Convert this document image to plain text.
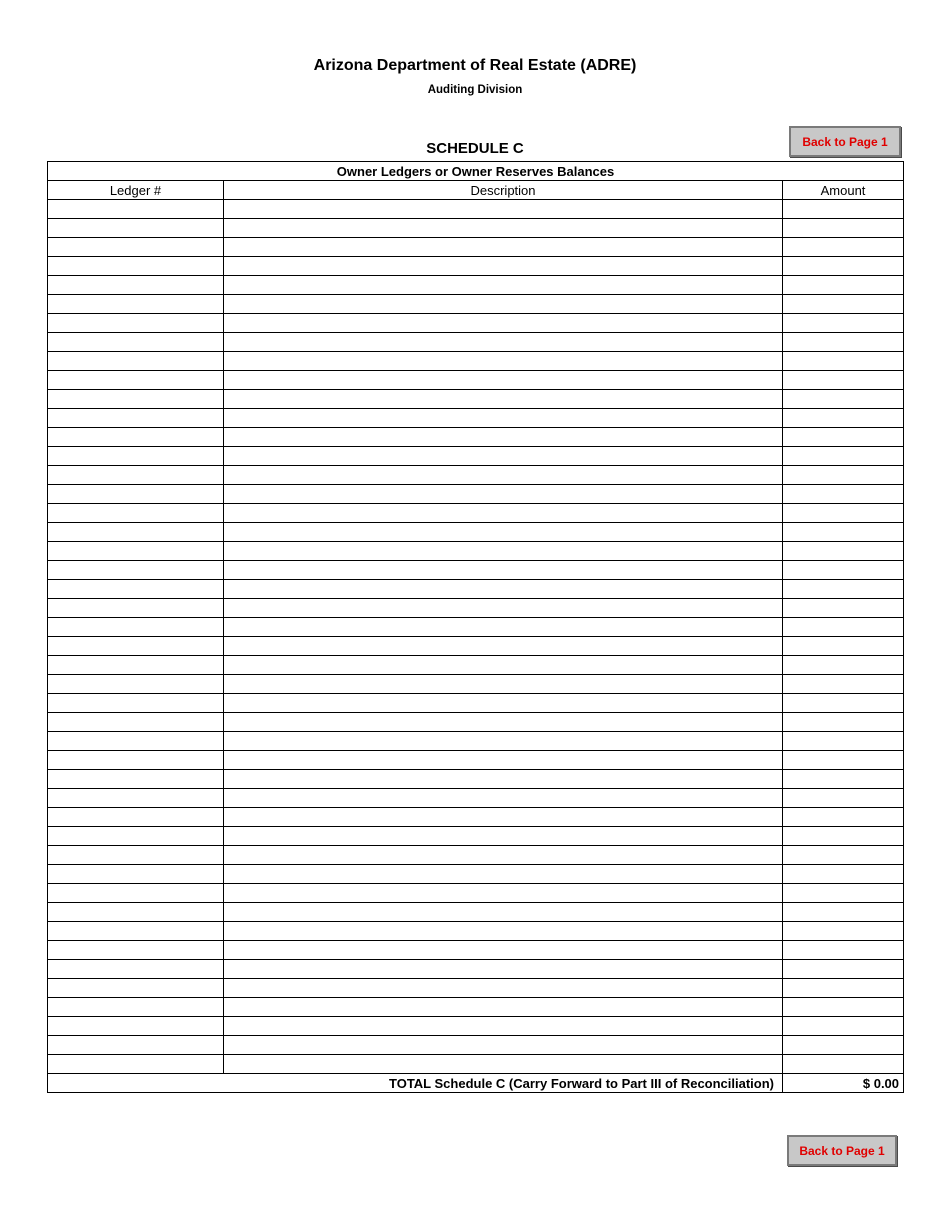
Arizona Department of Real Estate (ADRE)
Auditing Division
SCHEDULE C	Back to Page 1
Owner Ledgers or Owner Reserves Balances		
Ledger #	Description	Amount

TOTAL Schedule C (Carry Forward to Part III of Reconciliation)		$ 0.00
Back to Page 1
